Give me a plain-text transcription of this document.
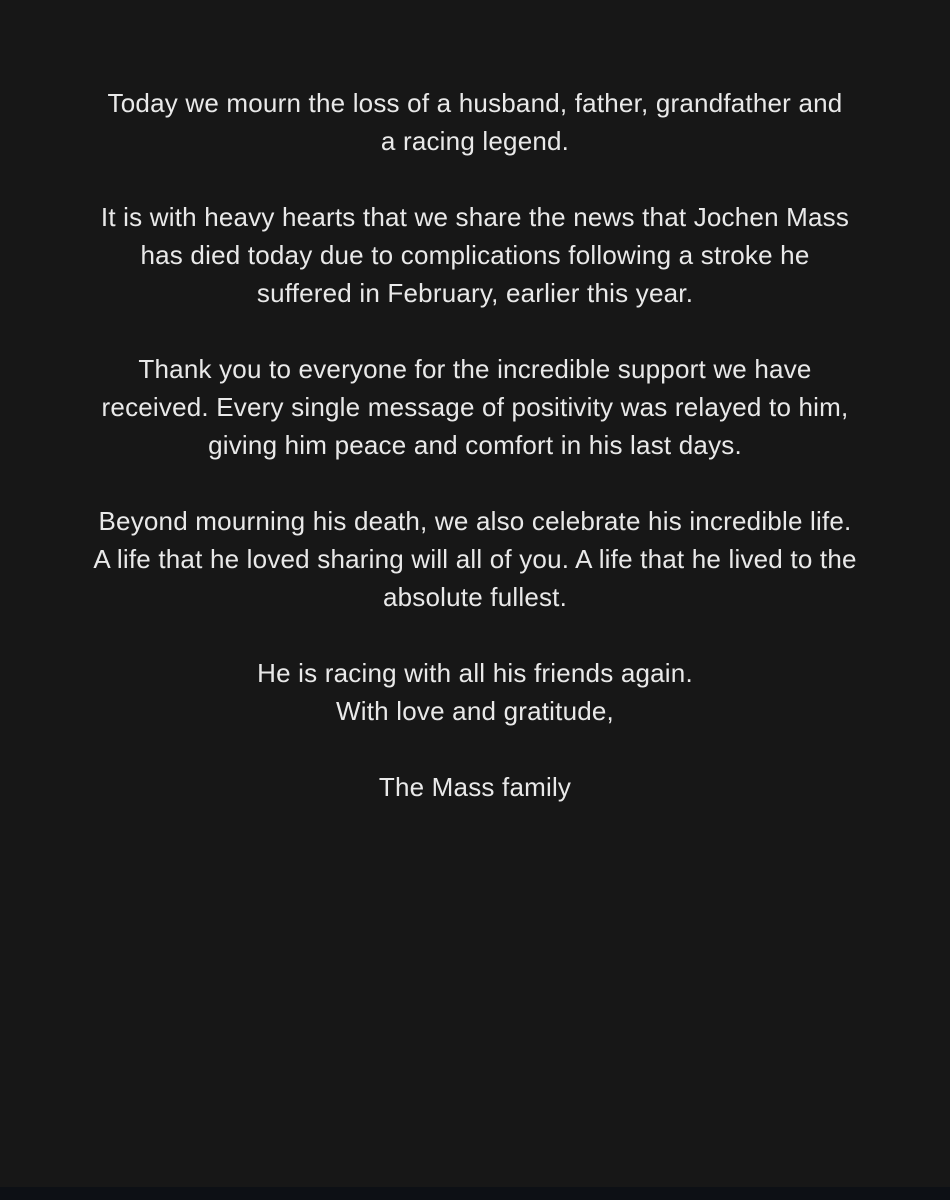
Today we mourn the loss of a husband, father, grandfather and
a racing legend.

It is with heavy hearts that we share the news that Jochen Mass
has died today due to complications following a stroke he
suffered in February, earlier this year.

Thank you to everyone for the incredible support we have
received. Every single message of positivity was relayed to him,
giving him peace and comfort in his last days.

Beyond mourning his death, we also celebrate his incredible life.
A life that he loved sharing will all of you. A life that he lived to the
absolute fullest.

He is racing with all his friends again.
With love and gratitude,

The Mass family
